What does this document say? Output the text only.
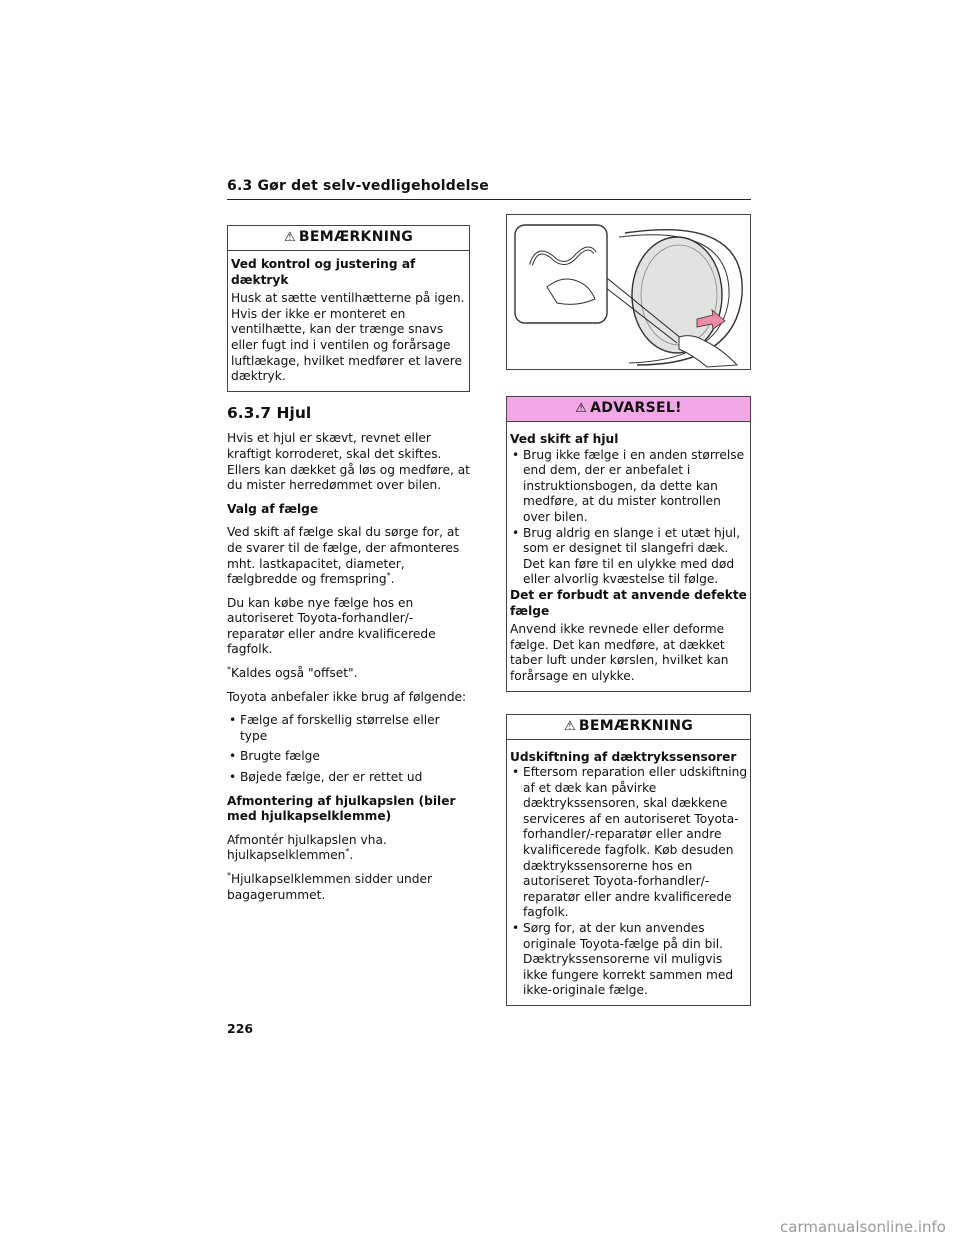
6.3 Gør det selv-vedligeholdelse
⚠ BEMÆRKNING

Ved kontrol og justering af dæktryk

Husk at sætte ventilhætterne på igen. Hvis der ikke er monteret en ventilhætte, kan der trænge snavs eller fugt ind i ventilen og forårsage luftlækage, hvilket medfører et lavere dæktryk.

6.3.7 Hjul

Hvis et hjul er skævt, revnet eller kraftigt korroderet, skal det skiftes. Ellers kan dækket gå løs og medføre, at du mister herredømmet over bilen.

Valg af fælge

Ved skift af fælge skal du sørge for, at de svarer til de fælge, der afmonteres mht. lastkapacitet, diameter, fælgbredde og fremspring*.

Du kan købe nye fælge hos en autoriseret Toyota-forhandler/-reparatør eller andre kvalificerede fagfolk.

*Kaldes også "offset".

Toyota anbefaler ikke brug af følgende:

• Fælge af forskellig størrelse eller type
• Brugte fælge
• Bøjede fælge, der er rettet ud

Afmontering af hjulkapslen (biler med hjulkapselklemme)

Afmontér hjulkapslen vha. hjulkapselklemmen*.

*Hjulkapselklemmen sidder under bagagerummet.

⚠ ADVARSEL!

Ved skift af hjul

• Brug ikke fælge i en anden størrelse end dem, der er anbefalet i instruktionsbogen, da dette kan medføre, at du mister kontrollen over bilen.
• Brug aldrig en slange i et utæt hjul, som er designet til slangefri dæk. Det kan føre til en ulykke med død eller alvorlig kvæstelse til følge.

Det er forbudt at anvende defekte fælge

Anvend ikke revnede eller deforme fælge. Det kan medføre, at dækket taber luft under kørslen, hvilket kan forårsage en ulykke.

⚠ BEMÆRKNING

Udskiftning af dæktrykssensorer

• Eftersom reparation eller udskiftning af et dæk kan påvirke dæktrykssensoren, skal dækkene serviceres af en autoriseret Toyota-forhandler/-reparatør eller andre kvalificerede fagfolk. Køb desuden dæktrykssensorerne hos en autoriseret Toyota-forhandler/-reparatør eller andre kvalificerede fagfolk.
• Sørg for, at der kun anvendes originale Toyota-fælge på din bil. Dæktrykssensorerne vil muligvis ikke fungere korrekt sammen med ikke-originale fælge.
226
carmanualsonline.info
